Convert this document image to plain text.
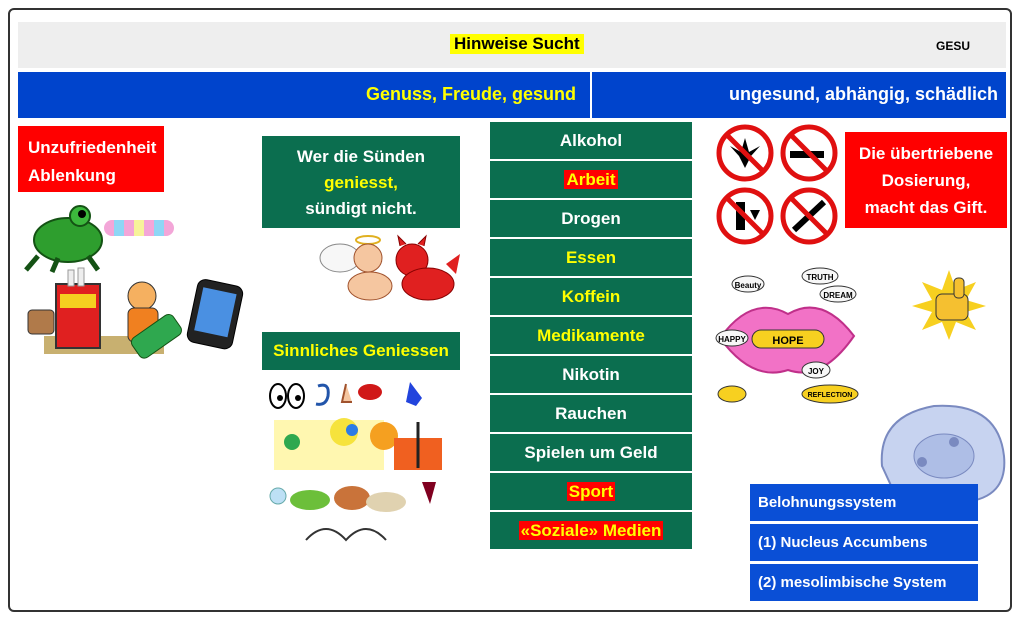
Hinweise Sucht	GESU
Genuss, Freude, gesund	ungesund, abhängig, schädlich
Unzufriedenheit
Ablenkung
Wer die Sünden
geniesst,
sündigt nicht.
Sinnliches Geniessen
Alkohol
Arbeit
Drogen
Essen
Koffein
Medikamente
Nikotin
Rauchen
Spielen um Geld
Sport
«Soziale» Medien
Die übertriebene
Dosierung,
macht das Gift.
HOPE
TRUTH
Beauty
DREAM
HAPPY
JOY
REFLECTION
Belohnungssystem
(1) Nucleus Accumbens
(2) mesolimbische System
